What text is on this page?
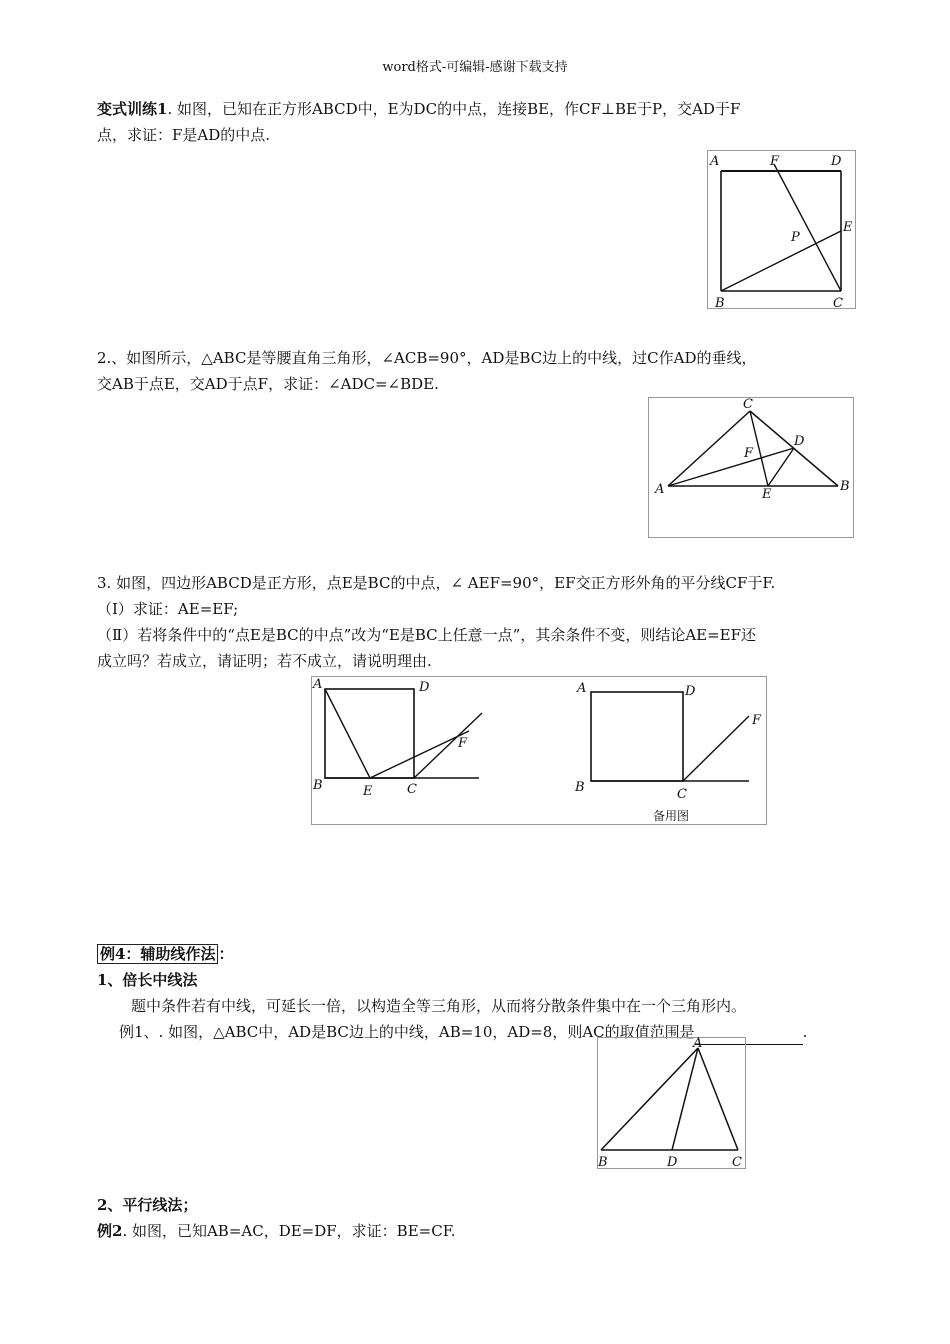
word格式-可编辑-感谢下载支持
变式训练1. 如图，已知在正方形ABCD中，E为DC的中点，连接BE，作CF⊥BE于P，交AD于F
点，求证：F是AD的中点.
A	F	D
E
P
B	C
2.、如图所示，△ABC是等腰直角三角形，∠ACB=90°，AD是BC边上的中线，过C作AD的垂线，
交AB于点E，交AD于点F，求证：∠ADC=∠BDE.
C
D
F
A	E
B
3. 如图，四边形ABCD是正方形，点E是BC的中点，∠ AEF=90°，EF交正方形外角的平分线CF于F.
（I）求证：AE=EF;
（Ⅱ）若将条件中的“点E是BC的中点”改为“E是BC上任意一点”，其余条件不变，则结论AE=EF还
成立吗？若成立，请证明；若不成立，请说明理由.
A	D
F
B	E	C
A	D
F
B	C
备用图
例4：辅助线作法 ：
1、倍长中线法
题中条件若有中线，可延长一倍，以构造全等三角形，从而将分散条件集中在一个三角形内。
例1、. 如图，△ABC中，AD是BC边上的中线，AB=10，AD=8，则AC的取值范围是	.
A
B	D	C
2、平行线法；
例2. 如图，已知AB=AC，DE=DF，求证：BE=CF.
